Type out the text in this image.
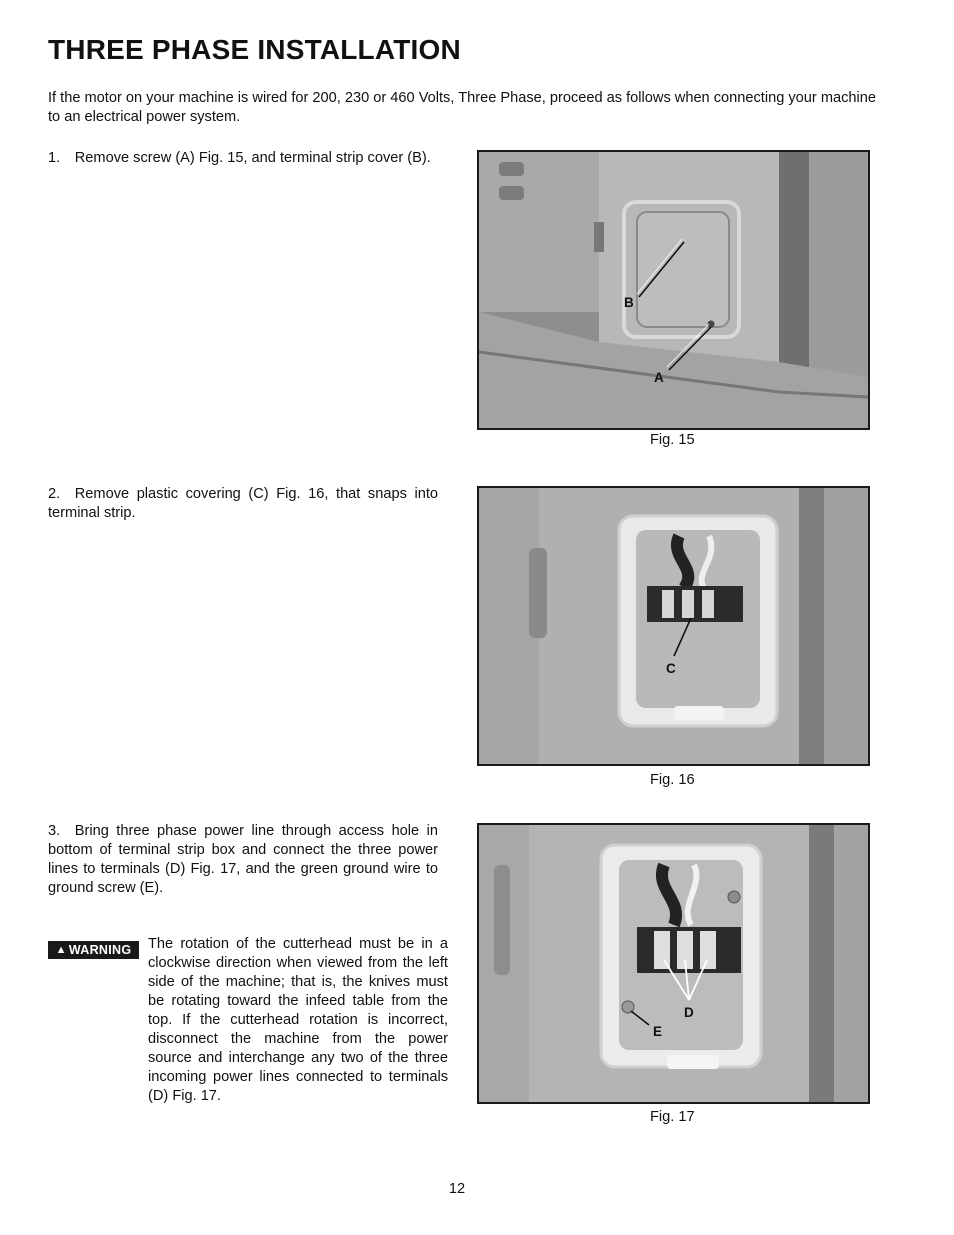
THREE PHASE INSTALLATION
If the motor on your machine is wired for 200, 230 or 460 Volts, Three Phase, proceed as follows when connecting your machine to an electrical power system.
1. Remove screw (A) Fig. 15, and terminal strip cover (B).
B
A
Fig. 15
2. Remove plastic covering (C) Fig. 16, that snaps into terminal strip.
C
Fig. 16
3. Bring three phase power line through access hole in bottom of terminal strip box and connect the three power lines to terminals (D) Fig. 17, and the green ground wire to ground screw (E).
▲ WARNING The rotation of the cutterhead must be in a clockwise direction when viewed from the left side of the machine; that is, the knives must be rotating toward the infeed table from the top. If the cutterhead rotation is incorrect, disconnect the machine from the power source and interchange any two of the three incoming power lines connected to terminals (D) Fig. 17.
D
E
Fig. 17
12
